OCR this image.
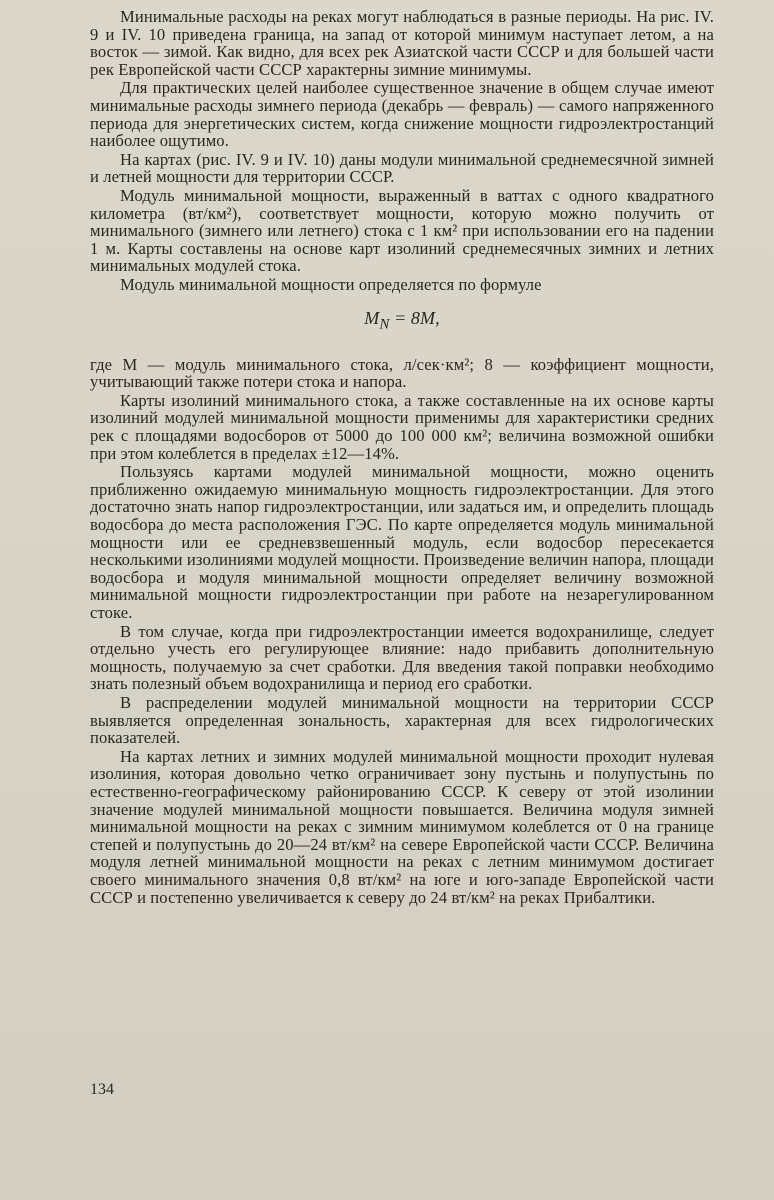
Минимальные расходы на реках могут наблюдаться в разные периоды. На рис. IV. 9 и IV. 10 приведена граница, на запад от которой минимум наступает летом, а на восток — зимой. Как видно, для всех рек Азиатской части СССР и для большей части рек Европейской части СССР характерны зимние минимумы.

Для практических целей наиболее существенное значение в общем случае имеют минимальные расходы зимнего периода (декабрь — февраль) — самого напряженного периода для энергетических систем, когда снижение мощности гидроэлектростанций наиболее ощутимо.

На картах (рис. IV. 9 и IV. 10) даны модули минимальной среднемесячной зимней и летней мощности для территории СССР.

Модуль минимальной мощности, выраженный в ваттах с одного квадратного километра (вт/км²), соответствует мощности, которую можно получить от минимального (зимнего или летнего) стока с 1 км² при использовании его на падении 1 м. Карты составлены на основе карт изолиний среднемесячных зимних и летних минимальных модулей стока.

Модуль минимальной мощности определяется по формуле

$M_N = 8M$,

где M — модуль минимального стока, л/сек·км²; 8 — коэффициент мощности, учитывающий также потери стока и напора.

Карты изолиний минимального стока, а также составленные на их основе карты изолиний модулей минимальной мощности применимы для характеристики средних рек с площадями водосборов от 5000 до 100 000 км²; величина возможной ошибки при этом колеблется в пределах ±12—14%.

Пользуясь картами модулей минимальной мощности, можно оценить приближенно ожидаемую минимальную мощность гидроэлектростанции. Для этого достаточно знать напор гидроэлектростанции, или задаться им, и определить площадь водосбора до места расположения ГЭС. По карте определяется модуль минимальной мощности или ее средневзвешенный модуль, если водосбор пересекается несколькими изолиниями модулей мощности. Произведение величин напора, площади водосбора и модуля минимальной мощности определяет величину возможной минимальной мощности гидроэлектростанции при работе на незарегулированном стоке.

В том случае, когда при гидроэлектростанции имеется водохранилище, следует отдельно учесть его регулирующее влияние: надо прибавить дополнительную мощность, получаемую за счет сработки. Для введения такой поправки необходимо знать полезный объем водохранилища и период его сработки.

В распределении модулей минимальной мощности на территории СССР выявляется определенная зональность, характерная для всех гидрологических показателей.

На картах летних и зимних модулей минимальной мощности проходит нулевая изолиния, которая довольно четко ограничивает зону пустынь и полупустынь по естественно-географическому районированию СССР. К северу от этой изолинии значение модулей минимальной мощности повышается. Величина модуля зимней минимальной мощности на реках с зимним минимумом колеблется от 0 на границе степей и полупустынь до 20—24 вт/км² на севере Европейской части СССР. Величина модуля летней минимальной мощности на реках с летним минимумом достигает своего минимального значения 0,8 вт/км² на юге и юго-западе Европейской части СССР и постепенно увеличивается к северу до 24 вт/км² на реках Прибалтики.

134
